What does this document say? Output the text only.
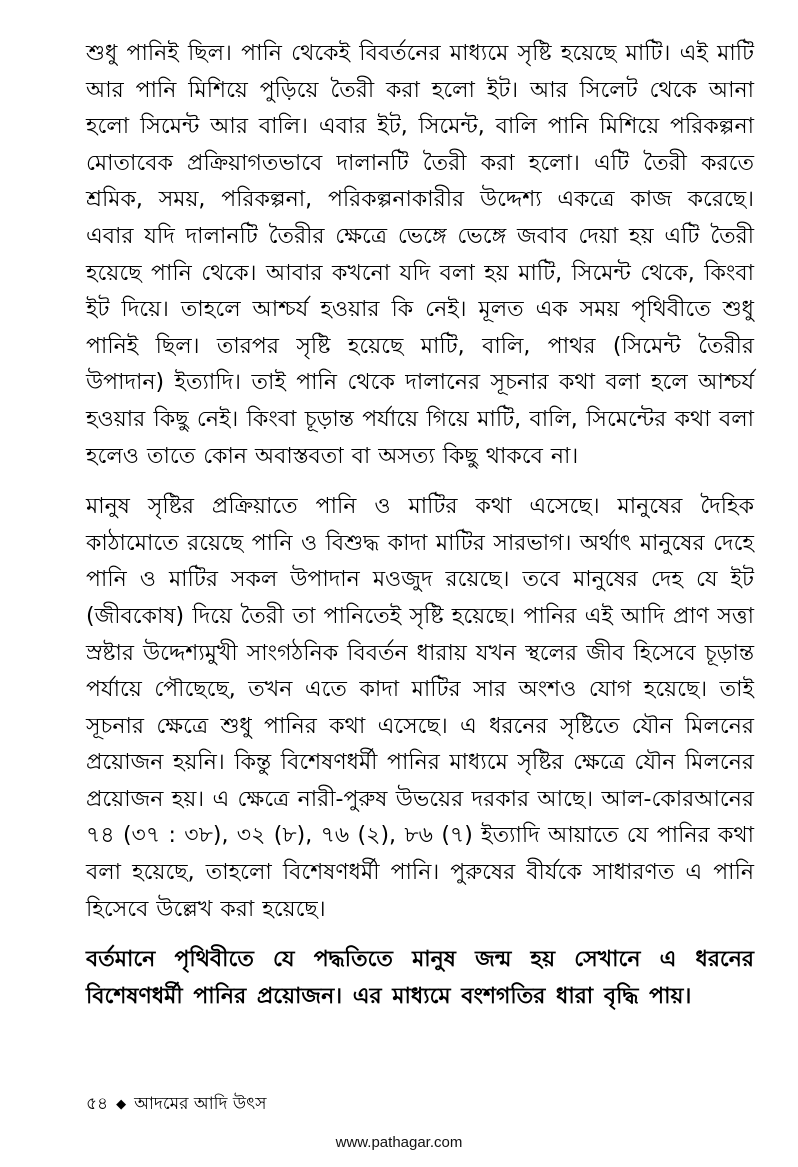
শুধু পানিই ছিল। পানি থেকেই বিবর্তনের মাধ্যমে সৃষ্টি হয়েছে মাটি। এই মাটি আর পানি মিশিয়ে পুড়িয়ে তৈরী করা হলো ইট। আর সিলেট থেকে আনা হলো সিমেন্ট আর বালি। এবার ইট, সিমেন্ট, বালি পানি মিশিয়ে পরিকল্পনা মোতাবেক প্রক্রিয়াগতভাবে দালানটি তৈরী করা হলো। এটি তৈরী করতে শ্রমিক, সময়, পরিকল্পনা, পরিকল্পনাকারীর উদ্দেশ্য একত্রে কাজ করেছে। এবার যদি দালানটি তৈরীর ক্ষেত্রে ভেঙ্গে ভেঙ্গে জবাব দেয়া হয় এটি তৈরী হয়েছে পানি থেকে। আবার কখনো যদি বলা হয় মাটি, সিমেন্ট থেকে, কিংবা ইট দিয়ে। তাহলে আশ্চর্য হওয়ার কি নেই। মূলত এক সময় পৃথিবীতে শুধু পানিই ছিল। তারপর সৃষ্টি হয়েছে মাটি, বালি, পাথর (সিমেন্ট তৈরীর উপাদান) ইত্যাদি। তাই পানি থেকে দালানের সূচনার কথা বলা হলে আশ্চর্য হওয়ার কিছু নেই। কিংবা চূড়ান্ত পর্যায়ে গিয়ে মাটি, বালি, সিমেন্টের কথা বলা হলেও তাতে কোন অবাস্তবতা বা অসত্য কিছু থাকবে না।

মানুষ সৃষ্টির প্রক্রিয়াতে পানি ও মাটির কথা এসেছে। মানুষের দৈহিক কাঠামোতে রয়েছে পানি ও বিশুদ্ধ কাদা মাটির সারভাগ। অর্থাৎ মানুষের দেহে পানি ও মাটির সকল উপাদান মওজুদ রয়েছে। তবে মানুষের দেহ যে ইট (জীবকোষ) দিয়ে তৈরী তা পানিতেই সৃষ্টি হয়েছে। পানির এই আদি প্রাণ সত্তা স্রষ্টার উদ্দেশ্যমুখী সাংগঠনিক বিবর্তন ধারায় যখন স্থলের জীব হিসেবে চূড়ান্ত পর্যায়ে পৌছেছে, তখন এতে কাদা মাটির সার অংশও যোগ হয়েছে। তাই সূচনার ক্ষেত্রে শুধু পানির কথা এসেছে। এ ধরনের সৃষ্টিতে যৌন মিলনের প্রয়োজন হয়নি। কিন্তু বিশেষণধর্মী পানির মাধ্যমে সৃষ্টির ক্ষেত্রে যৌন মিলনের প্রয়োজন হয়। এ ক্ষেত্রে নারী-পুরুষ উভয়ের দরকার আছে। আল-কোরআনের ৭৪ (৩৭ : ৩৮), ৩২ (৮), ৭৬ (২), ৮৬ (৭) ইত্যাদি আয়াতে যে পানির কথা বলা হয়েছে, তাহলো বিশেষণধর্মী পানি। পুরুষের বীর্যকে সাধারণত এ পানি হিসেবে উল্লেখ করা হয়েছে।

বর্তমানে পৃথিবীতে যে পদ্ধতিতে মানুষ জন্ম হয় সেখানে এ ধরনের বিশেষণধর্মী পানির প্রয়োজন। এর মাধ্যমে বংশগতির ধারা বৃদ্ধি পায়।

৫৪ ◆ আদমের আদি উৎস
www.pathagar.com
